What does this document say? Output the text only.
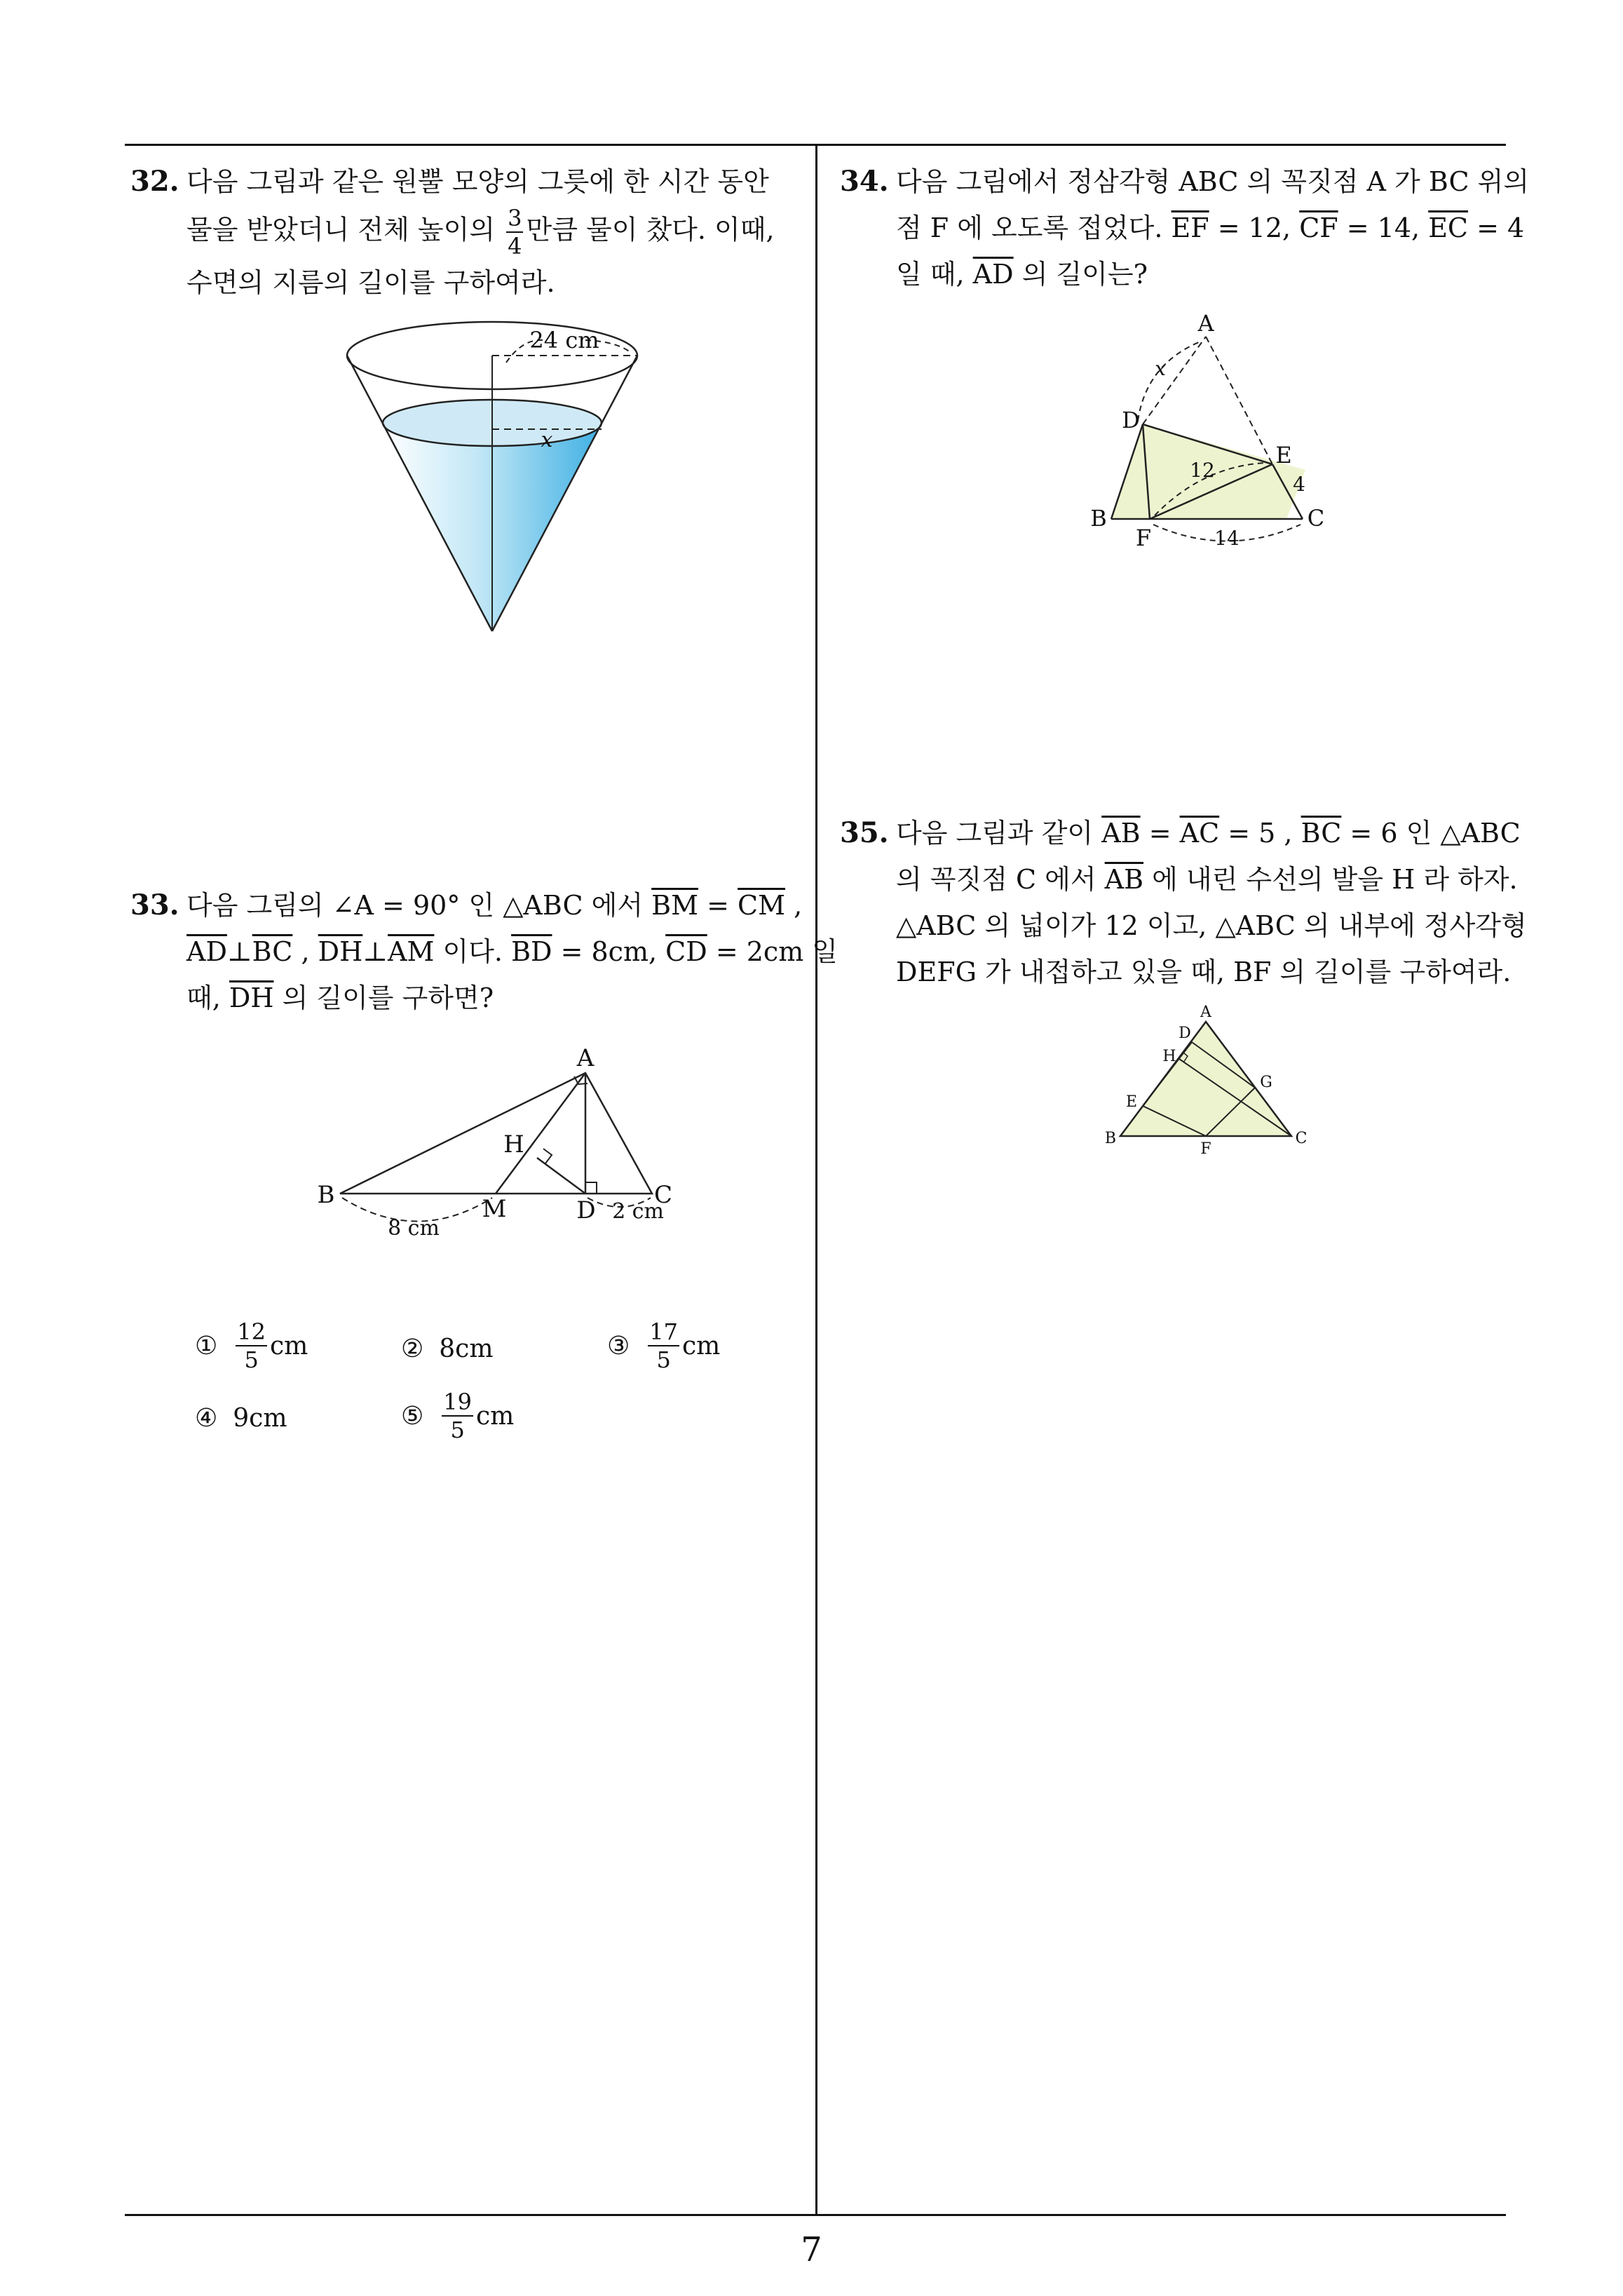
32. 다음 그림과 같은 원뿔 모양의 그릇에 한 시간 동안
물을 받았더니 전체 높이의 $\frac{3}{4}$ 만큼 물이 찼다. 이때,
수면의 지름의 길이를 구하여라.
24 cm
x
33. 다음 그림의 ∠A = 90° 인 △ABC 에서 $\overline{BM} = \overline{CM}$ ,
$\overline{AD}\perp\overline{BC}$ , $\overline{DH}\perp\overline{AM}$ 이다. $\overline{BD} = 8cm$, $\overline{CD} = 2cm$ 일
때, $\overline{DH}$ 의 길이를 구하면?
A
B	C
H
M	D
8 cm
2 cm
① $\frac{12}{5}$ cm	② 8cm	③ $\frac{17}{5}$ cm
④ 9cm	⑤ $\frac{19}{5}$ cm
34. 다음 그림에서 정삼각형 ABC 의 꼭짓점 A 가 BC 위의
점 F 에 오도록 접었다. $\overline{EF} = 12$, $\overline{CF} = 14$, $\overline{EC} = 4$
일 때, $\overline{AD}$ 의 길이는?
A
B	C
D
E
F
x
12
4
14
35. 다음 그림과 같이 $\overline{AB} = \overline{AC} = 5$ , $\overline{BC} = 6$ 인 △ABC
의 꼭짓점 C 에서 $\overline{AB}$ 에 내린 수선의 발을 H 라 하자.
△ABC 의 넓이가 12 이고, △ABC 의 내부에 정사각형
DEFG 가 내접하고 있을 때, BF 의 길이를 구하여라.
A
B	C
D
E
F
G
H
7
